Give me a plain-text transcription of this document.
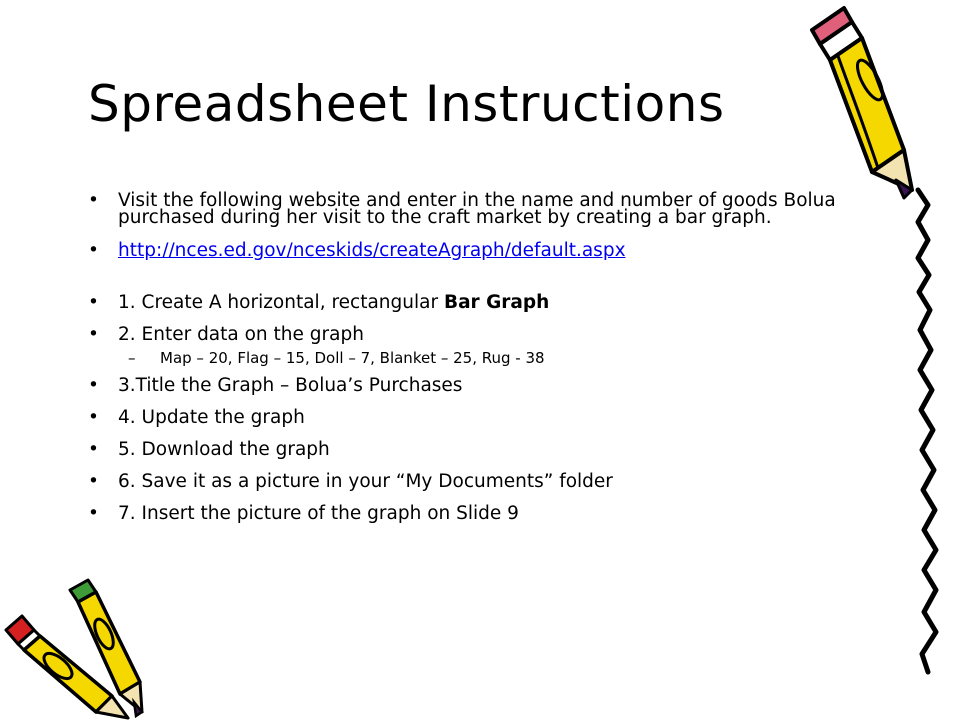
Spreadsheet Instructions
• Visit the following website and enter in the name and number of goods Bolua purchased during her visit to the craft market by creating a bar graph.
• http://nces.ed.gov/nceskids/createAgraph/default.aspx
• 1. Create A horizontal, rectangular Bar Graph
• 2. Enter data on the graph
– Map – 20, Flag – 15, Doll – 7, Blanket – 25, Rug - 38
• 3.Title the Graph – Bolua’s Purchases
• 4. Update the graph
• 5. Download the graph
• 6. Save it as a picture in your “My Documents” folder
• 7. Insert the picture of the graph on Slide 9
